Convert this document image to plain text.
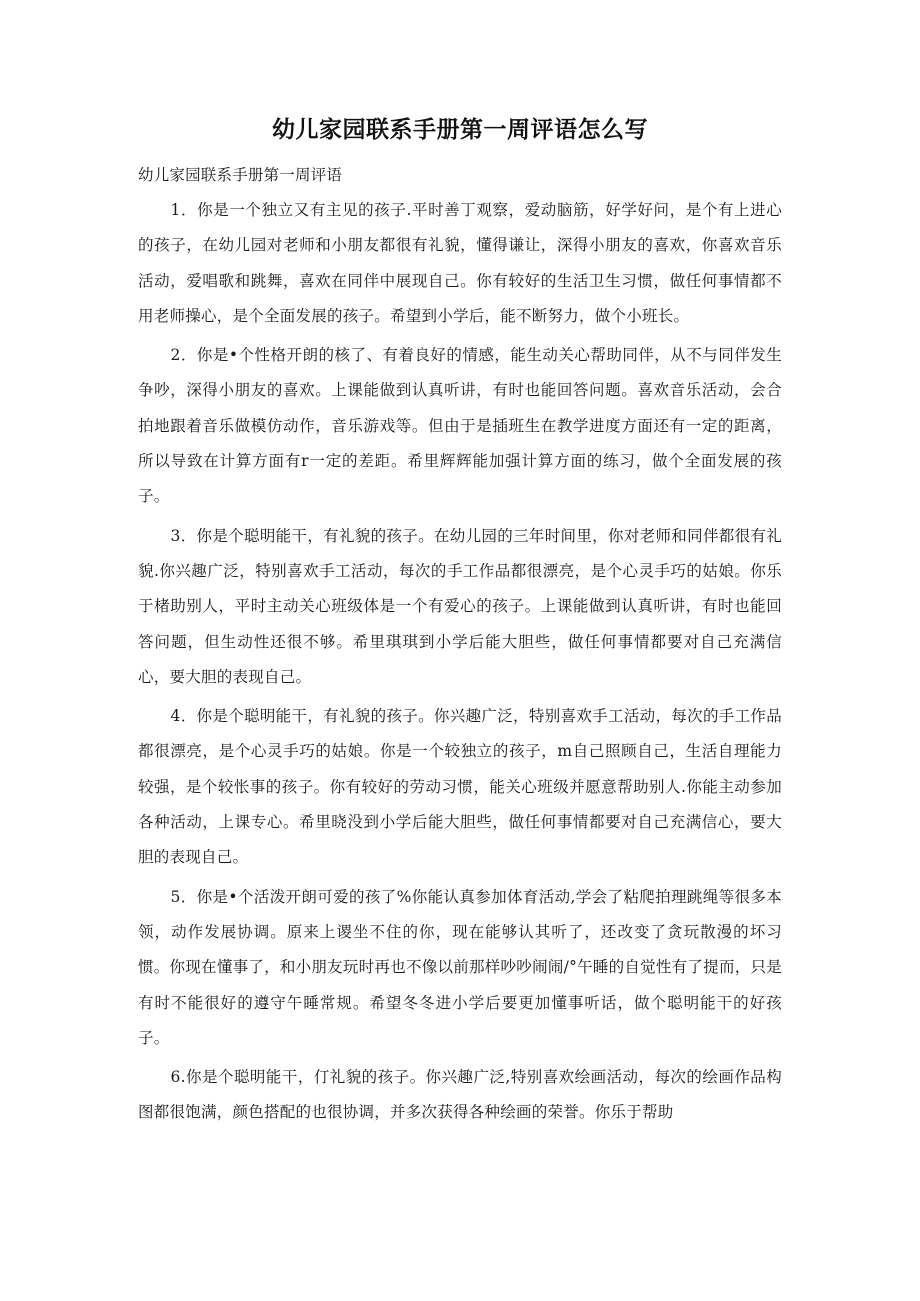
幼儿家园联系手册第一周评语怎么写
幼儿家园联系手册第一周评语

1．你是一个独立又有主见的孩子.平时善丁观察，爱动脑筋，好学好问，是个有上进心的孩子，在幼儿园对老师和小朋友都很有礼貌，懂得谦让，深得小朋友的喜欢，你喜欢音乐活动，爱唱歌和跳舞，喜欢在同伴中展现自己。你有较好的生活卫生习惯，做任何事情都不用老师操心，是个全面发展的孩子。希望到小学后，能不断努力，做个小班长。

2．你是•个性格开朗的核了、有着良好的情感，能生动关心帮助同伴，从不与同伴发生争吵，深得小朋友的喜欢。上课能做到认真听讲，有时也能回答问题。喜欢音乐活动，会合拍地跟着音乐做模仿动作，音乐游戏等。但由于是插班生在教学进度方面还有一定的距离，所以导致在计算方面有r一定的差距。希里辉辉能加强计算方面的练习，做个全面发展的孩子。

3．你是个聪明能干，有礼貌的孩子。在幼儿园的三年时间里，你对老师和同伴都很有礼貌.你兴趣广泛，特别喜欢手工活动，每次的手工作品都很漂亮，是个心灵手巧的姑娘。你乐于楮助别人，平时主动关心班级体是一个有爱心的孩子。上课能做到认真听讲，有时也能回答问题，但生动性还很不够。希里琪琪到小学后能大胆些，做任何事情都要对自己充满信心，要大胆的表现自己。

4．你是个聪明能干，有礼貌的孩子。你兴趣广泛，特别喜欢手工活动，每次的手工作品都很漂亮，是个心灵手巧的姑娘。你是一个较独立的孩子，m自己照顾自己，生活自理能力较强，是个较怅事的孩子。你有较好的劳动习惯，能关心班级并愿意帮助别人.你能主动参加各种活动，上课专心。希里晓没到小学后能大胆些，做任何事情都要对自己充满信心，要大胆的表现自己。

5．你是•个活泼开朗可爱的孩了%你能认真参加体育活动,学会了粘爬拍理跳绳等很多本领，动作发展协调。原来上谡坐不住的你，现在能够认其听了，还改变了贪玩散漫的坏习惯。你现在懂事了，和小朋友玩时再也不像以前那样吵吵闹闹/°午睡的自觉性有了提而，只是有时不能很好的遵守午睡常规。希望冬冬进小学后要更加懂事听话，做个聪明能干的好孩子。

6.你是个聪明能干，仃礼貌的孩子。你兴趣广泛,特别喜欢绘画活动，每次的绘画作品构图都很饱满，颜色搭配的也很协调，并多次获得各种绘画的荣誉。你乐于帮助
